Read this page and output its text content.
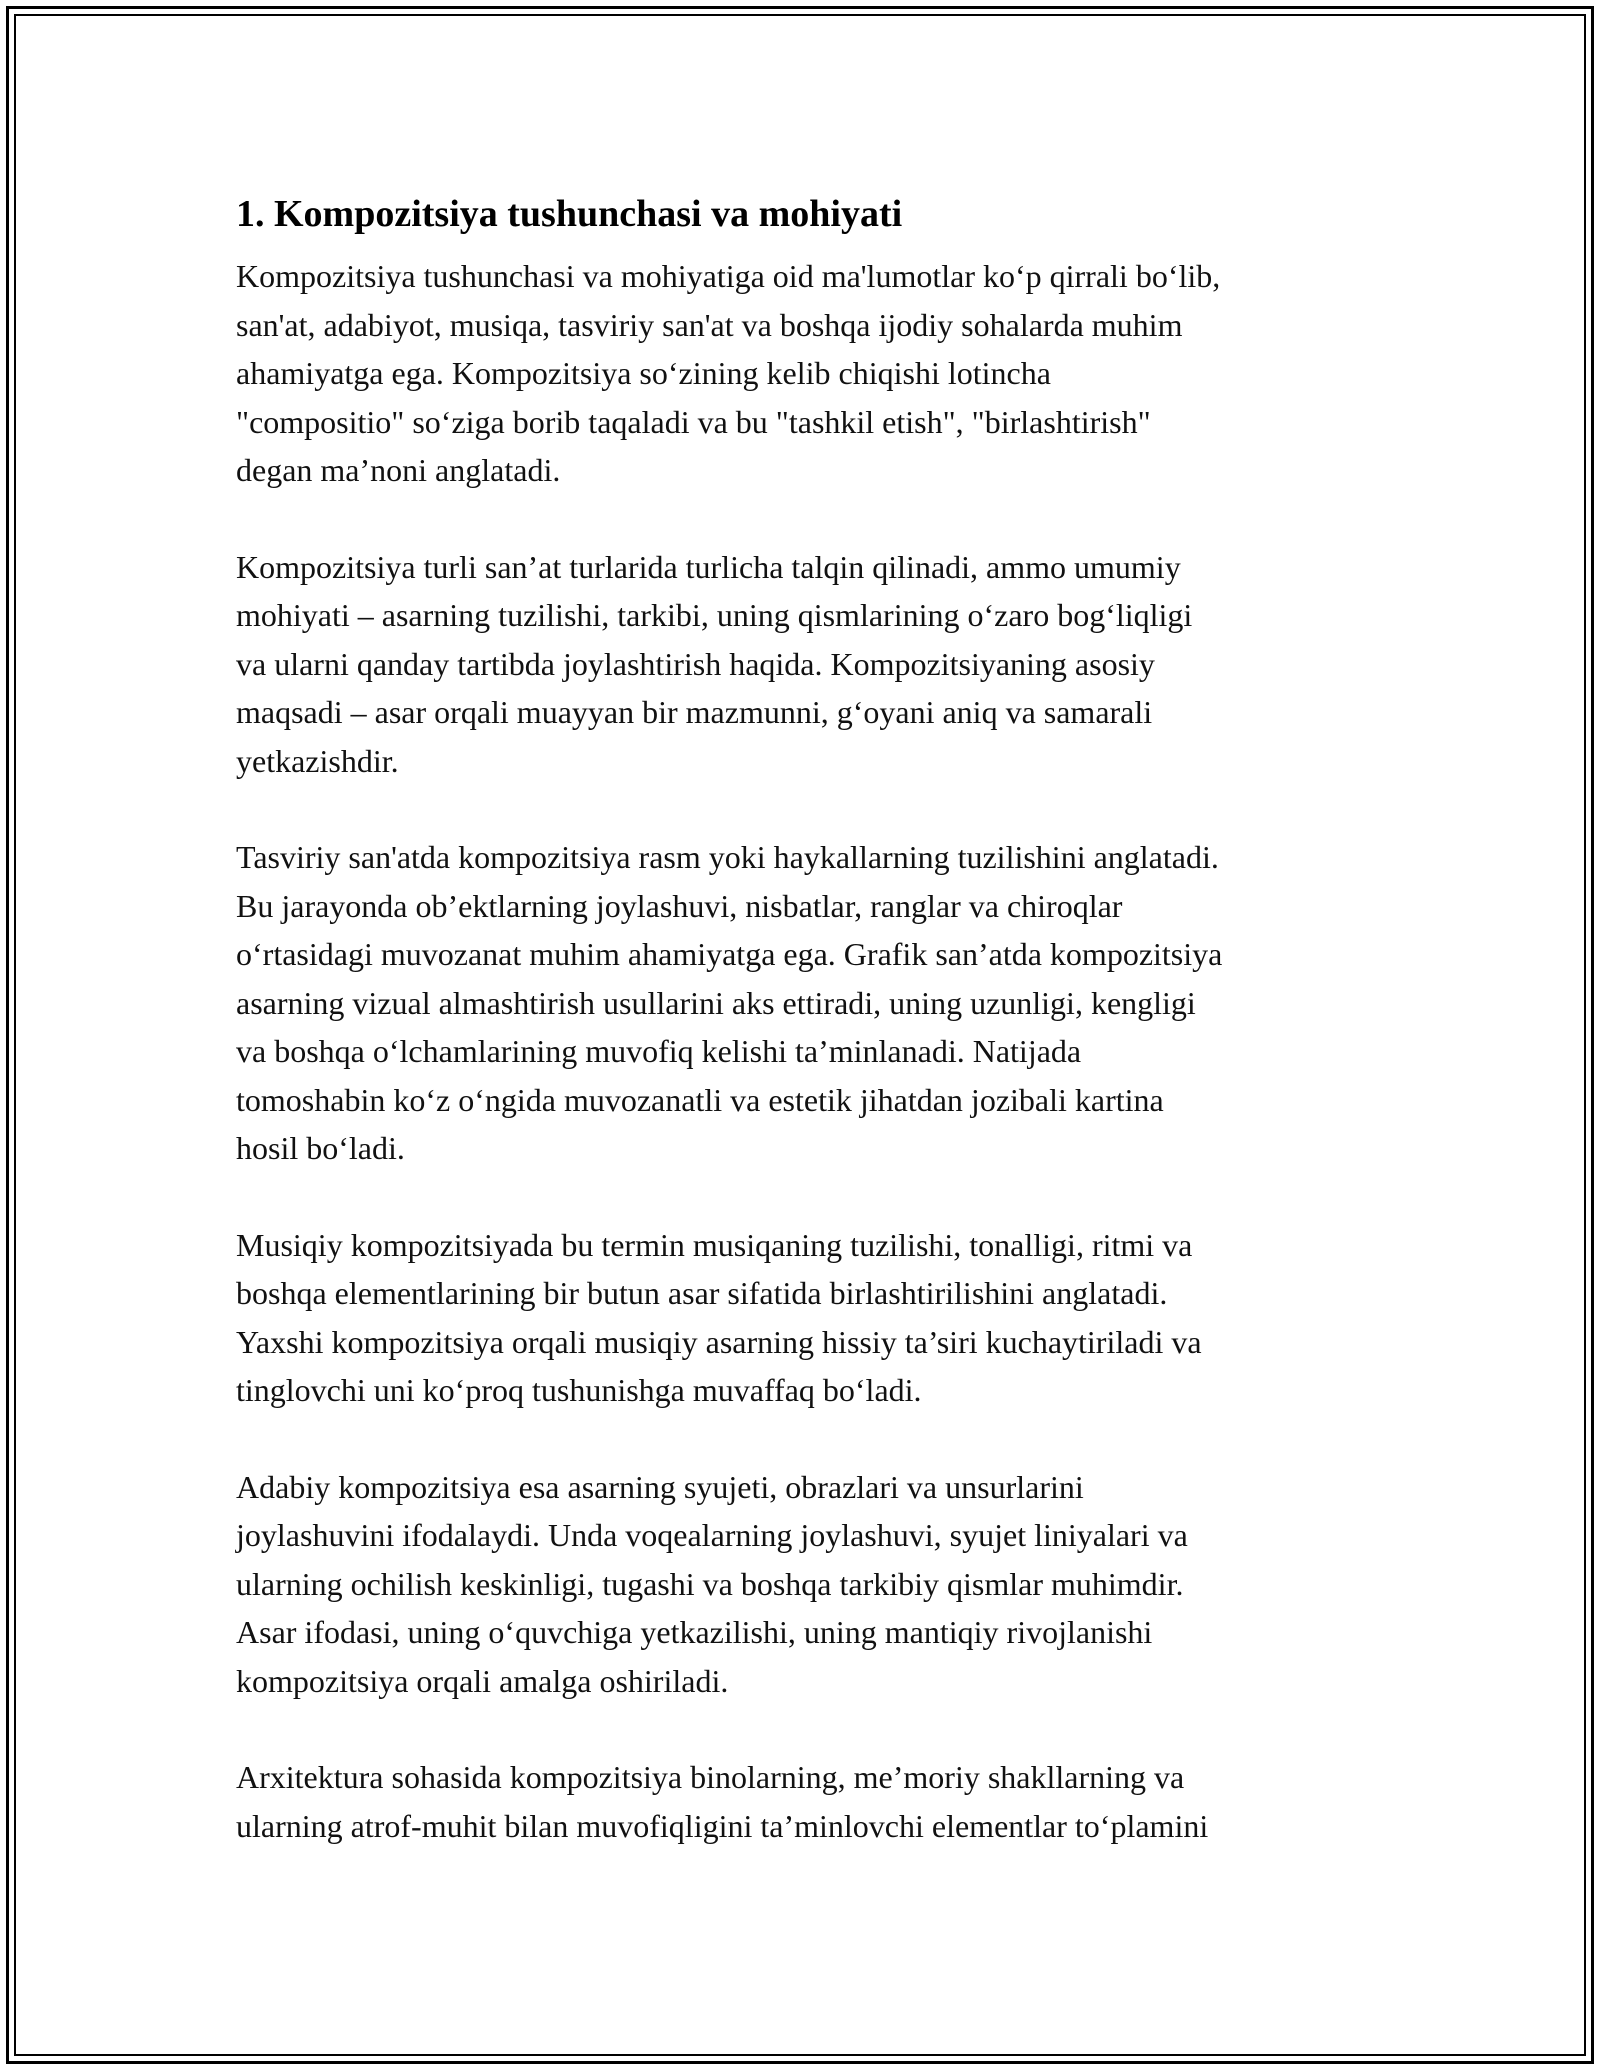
1. Kompozitsiya tushunchasi va mohiyati

Kompozitsiya tushunchasi va mohiyatiga oid ma'lumotlar ko‘p qirrali bo‘lib,
san'at, adabiyot, musiqa, tasviriy san'at va boshqa ijodiy sohalarda muhim
ahamiyatga ega. Kompozitsiya so‘zining kelib chiqishi lotincha
"compositio" so‘ziga borib taqaladi va bu "tashkil etish", "birlashtirish"
degan ma’noni anglatadi.

Kompozitsiya turli san’at turlarida turlicha talqin qilinadi, ammo umumiy
mohiyati – asarning tuzilishi, tarkibi, uning qismlarining o‘zaro bog‘liqligi
va ularni qanday tartibda joylashtirish haqida. Kompozitsiyaning asosiy
maqsadi – asar orqali muayyan bir mazmunni, g‘oyani aniq va samarali
yetkazishdir.

Tasviriy san'atda kompozitsiya rasm yoki haykallarning tuzilishini anglatadi.
Bu jarayonda ob’ektlarning joylashuvi, nisbatlar, ranglar va chiroqlar
o‘rtasidagi muvozanat muhim ahamiyatga ega. Grafik san’atda kompozitsiya
asarning vizual almashtirish usullarini aks ettiradi, uning uzunligi, kengligi
va boshqa o‘lchamlarining muvofiq kelishi ta’minlanadi. Natijada
tomoshabin ko‘z o‘ngida muvozanatli va estetik jihatdan jozibali kartina
hosil bo‘ladi.

Musiqiy kompozitsiyada bu termin musiqaning tuzilishi, tonalligi, ritmi va
boshqa elementlarining bir butun asar sifatida birlashtirilishini anglatadi.
Yaxshi kompozitsiya orqali musiqiy asarning hissiy ta’siri kuchaytiriladi va
tinglovchi uni ko‘proq tushunishga muvaffaq bo‘ladi.

Adabiy kompozitsiya esa asarning syujeti, obrazlari va unsurlarini
joylashuvini ifodalaydi. Unda voqealarning joylashuvi, syujet liniyalari va
ularning ochilish keskinligi, tugashi va boshqa tarkibiy qismlar muhimdir.
Asar ifodasi, uning o‘quvchiga yetkazilishi, uning mantiqiy rivojlanishi
kompozitsiya orqali amalga oshiriladi.

Arxitektura sohasida kompozitsiya binolarning, me’moriy shakllarning va
ularning atrof-muhit bilan muvofiqligini ta’minlovchi elementlar to‘plamini
